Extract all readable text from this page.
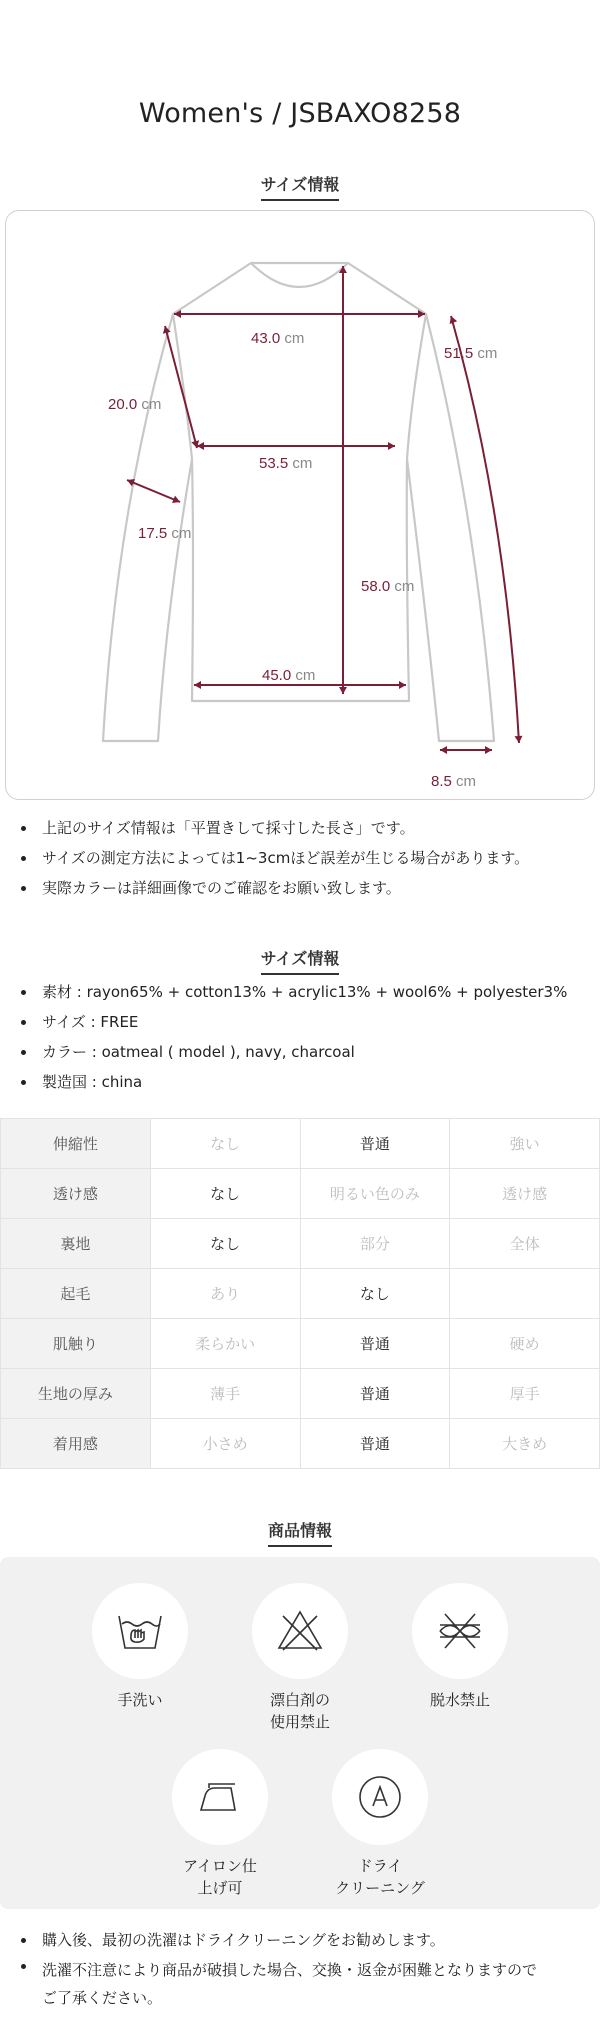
Women's / JSBAXO8258
サイズ情報
43.0 cm
51.5 cm
20.0 cm
53.5 cm
17.5 cm
58.0 cm
45.0 cm
8.5 cm
上記のサイズ情報は「平置きして採寸した長さ」です。
サイズの測定方法によっては1~3cmほど誤差が生じる場合があります。
実際カラーは詳細画像でのご確認をお願い致します。
サイズ情報
素材 : rayon65% + cotton13% + acrylic13% + wool6% + polyester3%
サイズ : FREE
カラー : oatmeal ( model ), navy, charcoal
製造国 : china
伸縮性	なし	普通	強い
透け感	なし	明るい色のみ	透け感
裏地	なし	部分	全体
起毛	あり	なし	
肌触り	柔らかい	普通	硬め
生地の厚み	薄手	普通	厚手
着用感	小さめ	普通	大きめ
商品情報
手洗い	漂白剤の
使用禁止
脱水禁止
アイロン仕
上げ可
ドライ
クリーニング
購入後、最初の洗濯はドライクリーニングをお勧めします。
洗濯不注意により商品が破損した場合、交換・返金が困難となりますので
ご了承ください。
